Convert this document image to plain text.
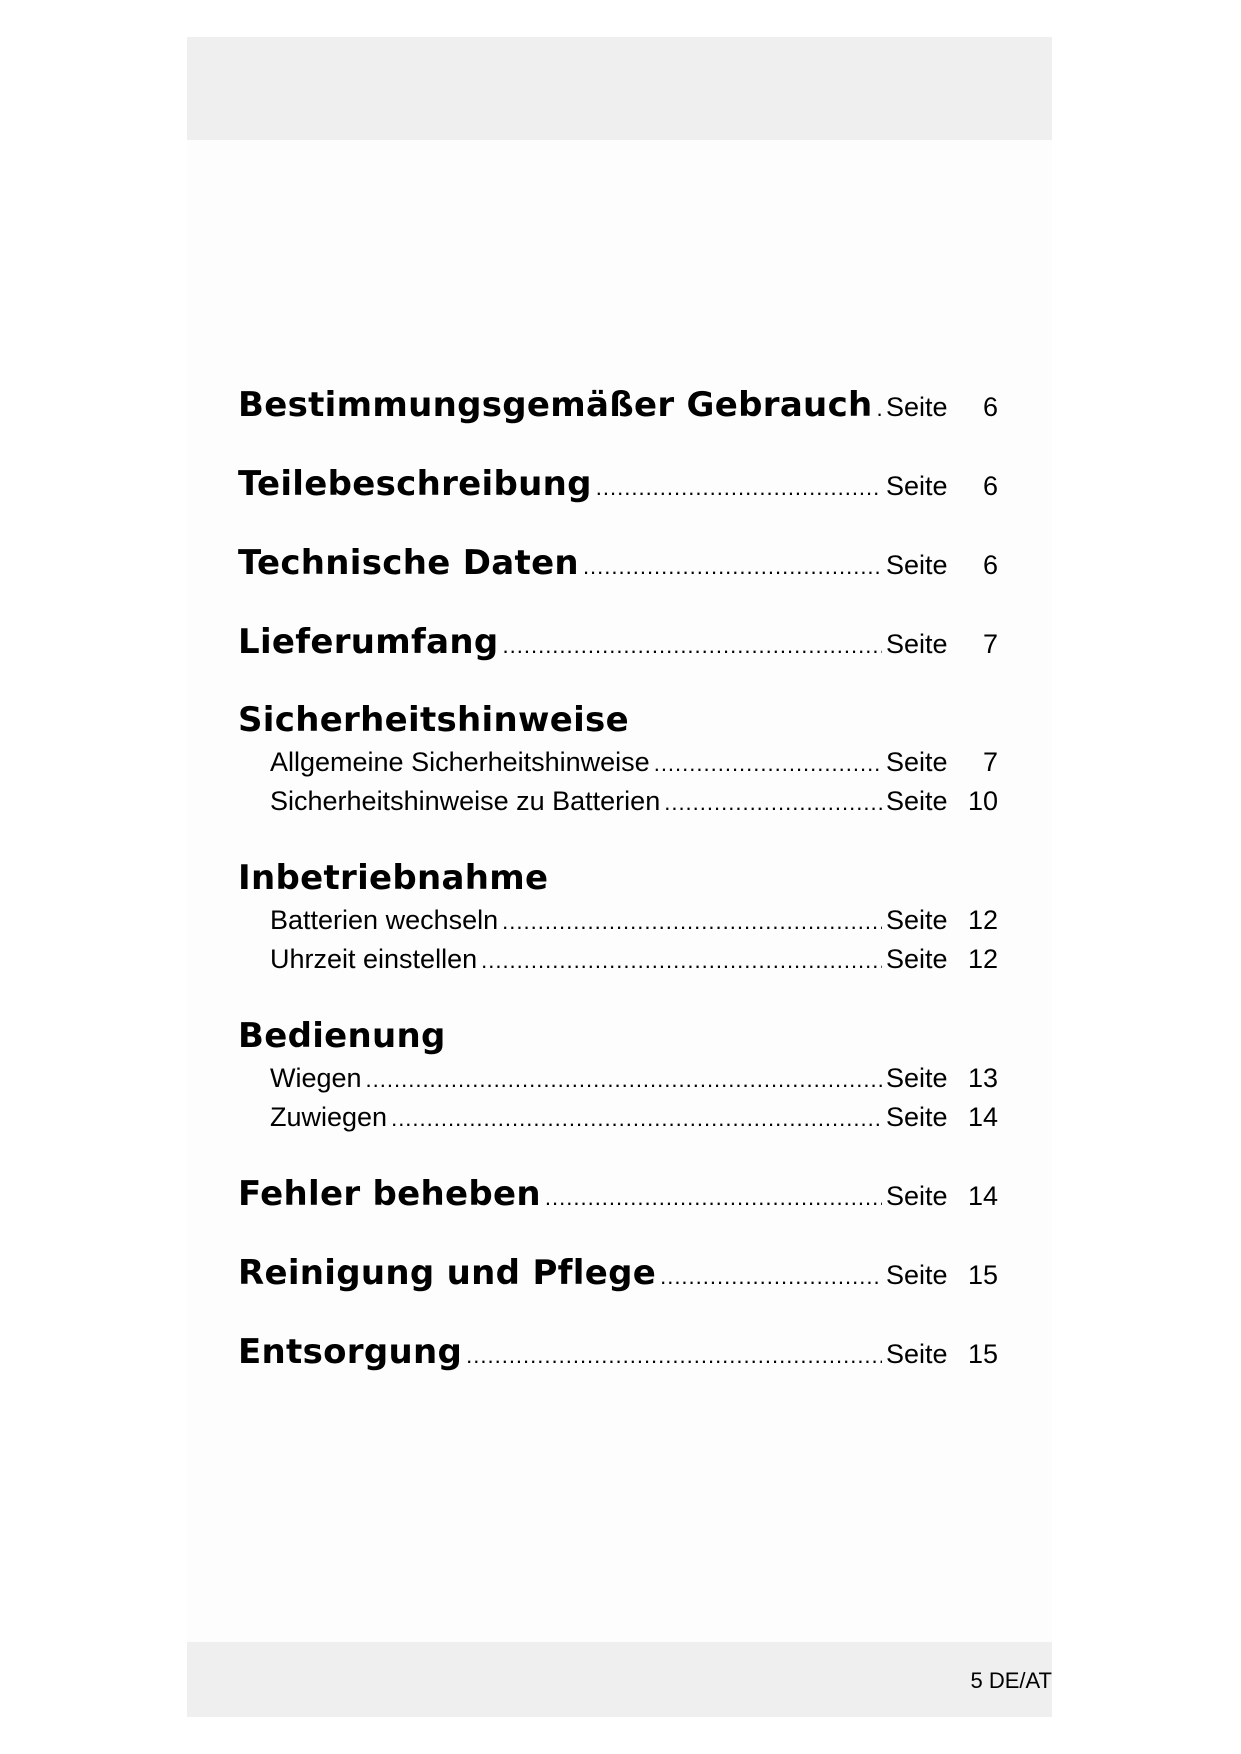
Bestimmungsgemäßer Gebrauch ..... Seite	6
Teilebeschreibung .....	Seite	6
Technische Daten .....	Seite	6
Lieferumfang .....	Seite	7
Sicherheitshinweise
Allgemeine Sicherheitshinweise .....	Seite	7
Sicherheitshinweise zu Batterien .....	Seite 10
Inbetriebnahme
Batterien wechseln .....	Seite 12
Uhrzeit einstellen .....	Seite 12
Bedienung
Wiegen .....	Seite 13
Zuwiegen .....	Seite 14
Fehler beheben .....	Seite 14
Reinigung und Pflege .....	Seite 15
Entsorgung .....	Seite 15
5 DE/AT
